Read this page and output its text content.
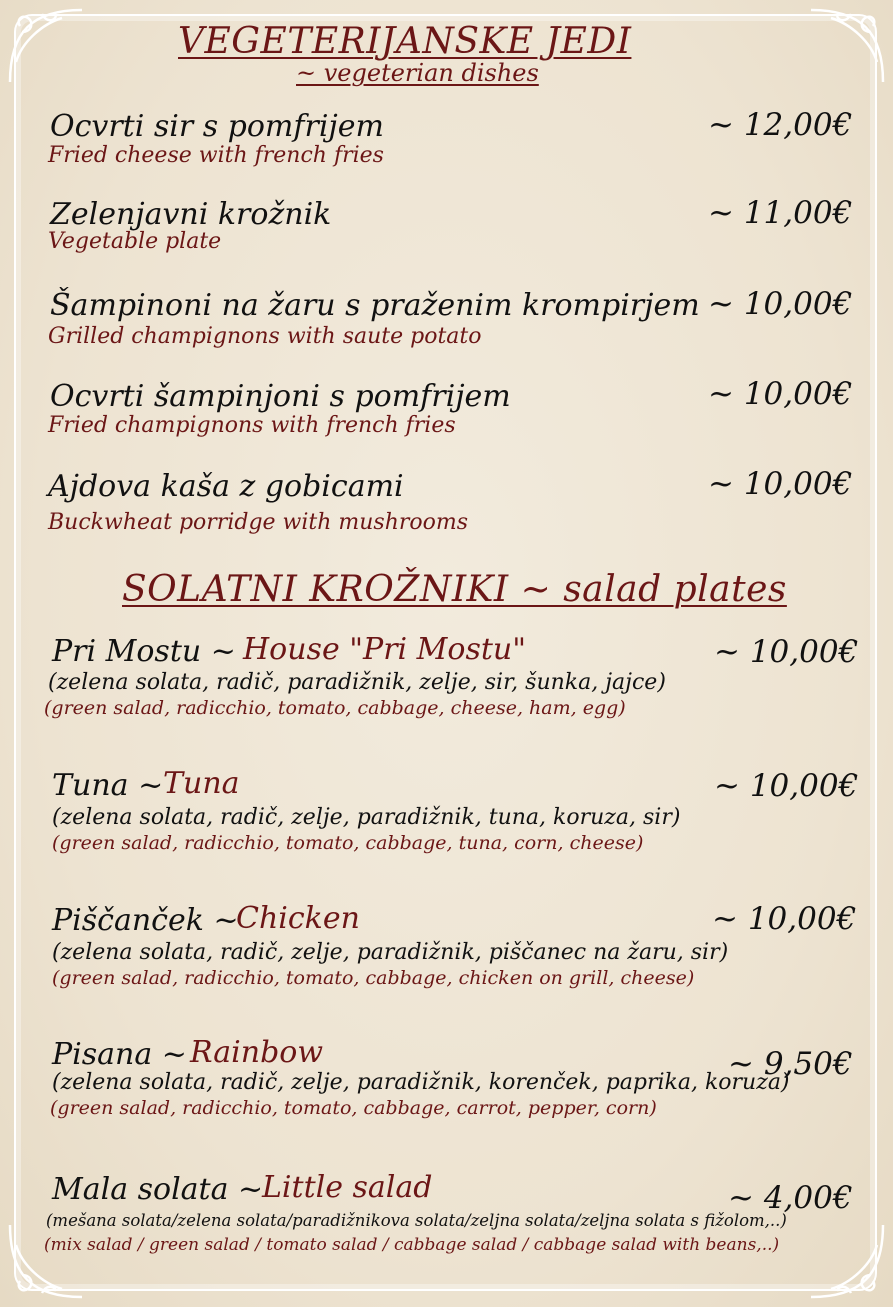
VEGETERIJANSKE JEDI
~ vegeterian dishes
Ocvrti sir s pomfrijem
Fried cheese with french fries
~ 12,00€
Zelenjavni krožnik
Vegetable plate
~ 11,00€
Šampinoni na žaru s praženim krompirjem
Grilled champignons with saute potato
~ 10,00€
Ocvrti šampinjoni s pomfrijem
Fried champignons with french fries
~ 10,00€
Ajdova kaša z gobicami
Buckwheat porridge with mushrooms
~ 10,00€
SOLATNI KROŽNIKI ~ salad plates
Pri Mostu ~ House "Pri Mostu"	~ 10,00€
(zelena solata, radič, paradižnik, zelje, sir, šunka, jajce)
(green salad, radicchio, tomato, cabbage, cheese, ham, egg)
Tuna ~ Tuna	~ 10,00€
(zelena solata, radič, zelje, paradižnik, tuna, koruza, sir)
(green salad, radicchio, tomato, cabbage, tuna, corn, cheese)
Piščanček ~
Chicken	~ 10,00€
(zelena solata, radič, zelje, paradižnik, piščanec na žaru, sir)
(green salad, radicchio, tomato, cabbage, chicken on grill, cheese)
Pisana ~ Rainbow	~ 9,50€
(zelena solata, radič, zelje, paradižnik, korenček, paprika, koruza)
(green salad, radicchio, tomato, cabbage, carrot, pepper, corn)
Mala solata ~
Little salad	~ 4,00€
(mešana solata/zelena solata/paradižnikova solata/zeljna solata/zeljna solata s fižolom,..)
(mix salad / green salad / tomato salad / cabbage salad / cabbage salad with beans,..)
